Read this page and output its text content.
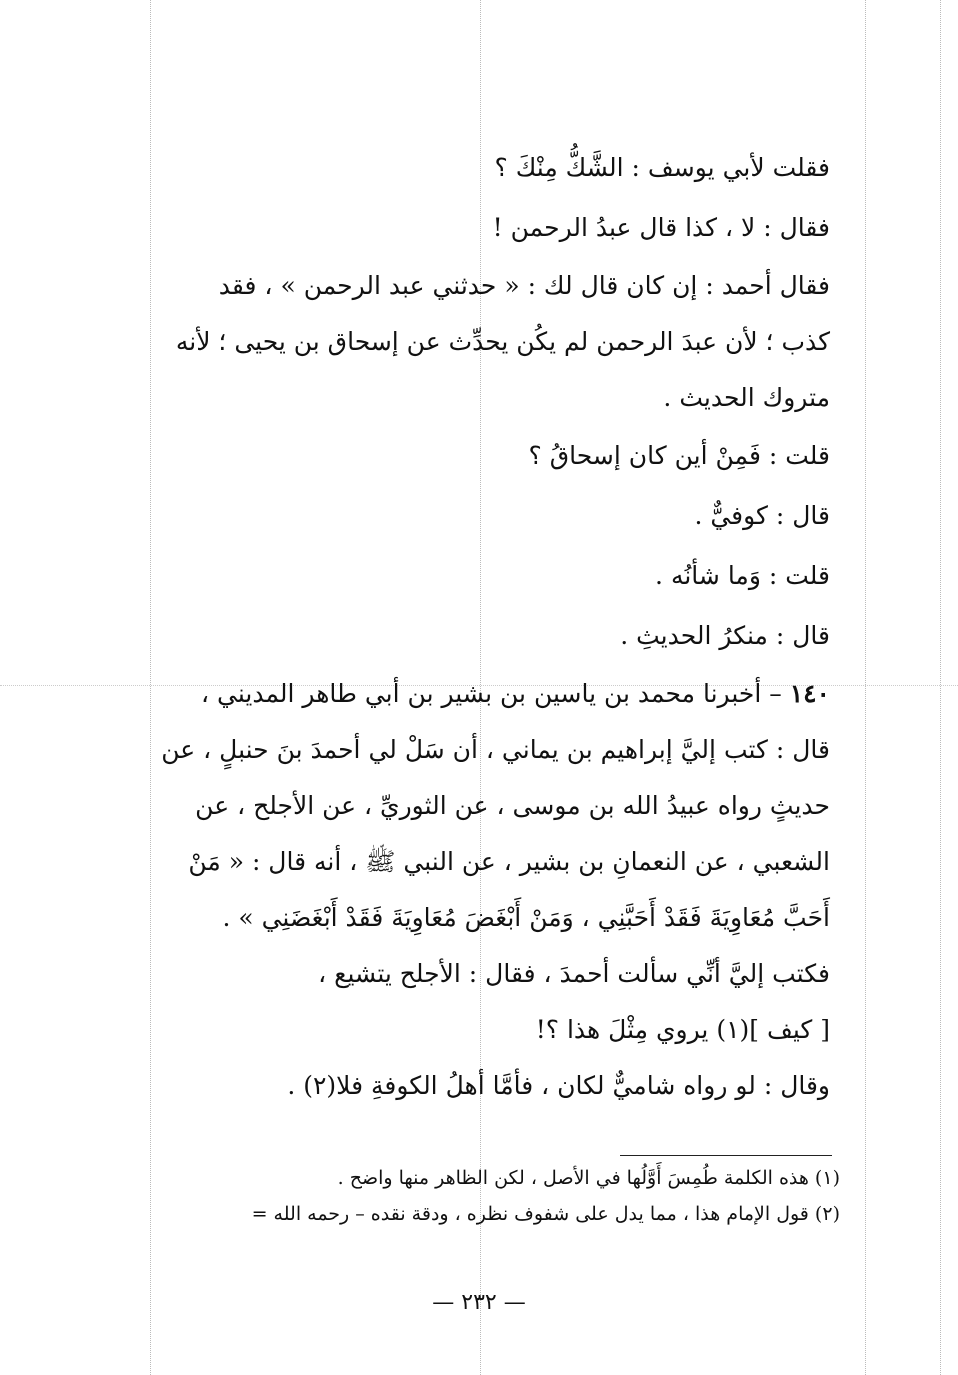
فقلت لأبي يوسف : الشَّكُّ مِنْكَ ؟
فقال : لا ، كذا قال عبدُ الرحمن !
فقال أحمد : إن كان قال لك : « حدثني عبد الرحمن » ، فقد
كذب ؛ لأن عبدَ الرحمن لم يكُن يحدِّث عن إسحاق بن يحيى ؛ لأنه
متروك الحديث .
قلت : فَمِنْ أين كان إسحاقُ ؟
قال : كوفيٌّ .
قلت : وَما شأنُه .
قال : منكرُ الحديثِ .
١٤٠ – أخبرنا محمد بن ياسين بن بشير بن أبي طاهر المديني ،
قال : كتب إليَّ إبراهيم بن يماني ، أن سَلْ لي أحمدَ بنَ حنبلٍ ، عن
حديثٍ رواه عبيدُ الله بن موسى ، عن الثوريِّ ، عن الأجلح ، عن
الشعبي ، عن النعمانِ بن بشير ، عن النبي ﷺ ، أنه قال : « مَنْ
أَحَبَّ مُعَاوِيَةَ فَقَدْ أَحَبَّنِي ، وَمَنْ أَبْغَضَ مُعَاوِيَةَ فَقَدْ أَبْغَضَنِي » .
فكتب إليَّ أنِّي سألت أحمدَ ، فقال : الأجلح يتشيع ،
[ كيف ](١) يروي مِثْلَ هذا ؟!
وقال : لو رواه شاميٌّ لكان ، فأمَّا أهلُ الكوفةِ فلا(٢) .
(١) هذه الكلمة طُمِسَ أَوَّلُها في الأصل ، لكن الظاهر منها واضح .
(٢) قول الإمام هذا ، مما يدل على شفوف نظره ، ودقة نقده – رحمه الله =
— ٢٣٢ —
